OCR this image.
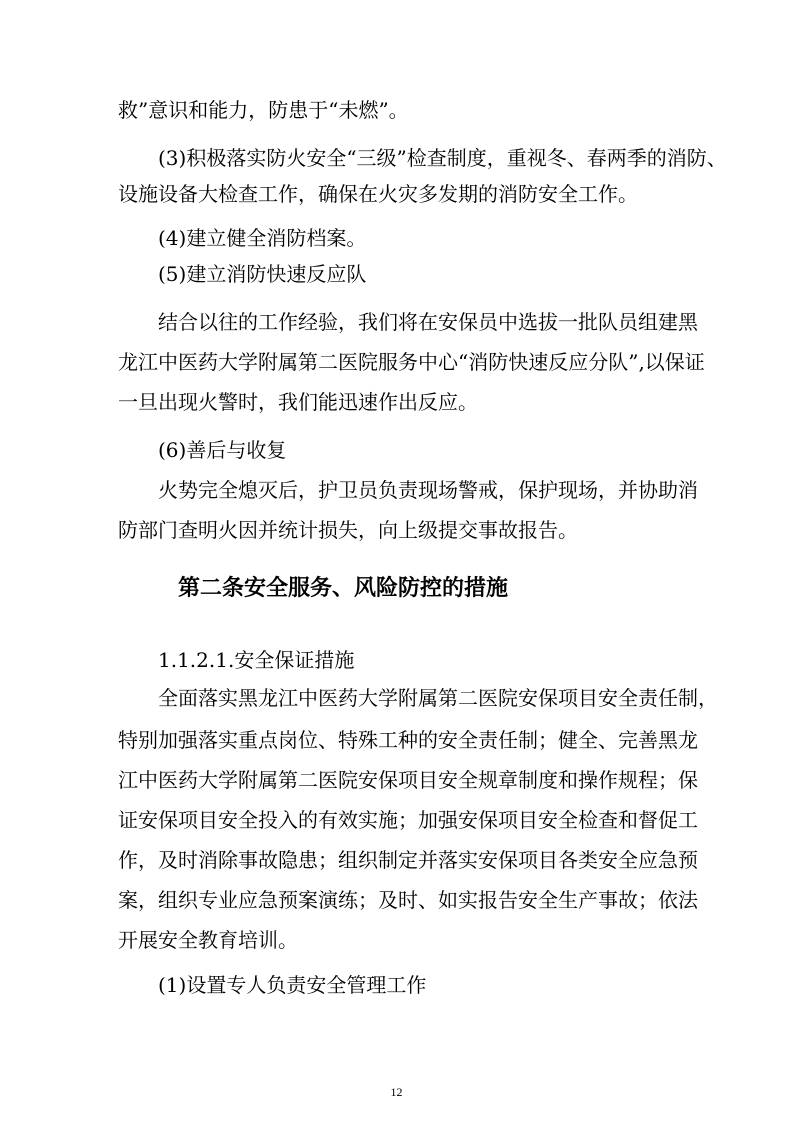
救”意识和能力，防患于“未燃”。
(3)积极落实防火安全“三级”检查制度，重视冬、春两季的消防、
设施设备大检查工作，确保在火灾多发期的消防安全工作。
(4)建立健全消防档案。
(5)建立消防快速反应队
结合以往的工作经验，我们将在安保员中选拔一批队员组建黑
龙江中医药大学附属第二医院服务中心“消防快速反应分队”,以保证
一旦出现火警时，我们能迅速作出反应。
(6)善后与收复
火势完全熄灭后，护卫员负责现场警戒，保护现场，并协助消
防部门查明火因并统计损失，向上级提交事故报告。
第二条安全服务、风险防控的措施
1.1.2.1.安全保证措施
全面落实黑龙江中医药大学附属第二医院安保项目安全责任制，
特别加强落实重点岗位、特殊工种的安全责任制；健全、完善黑龙
江中医药大学附属第二医院安保项目安全规章制度和操作规程；保
证安保项目安全投入的有效实施；加强安保项目安全检查和督促工
作，及时消除事故隐患；组织制定并落实安保项目各类安全应急预
案，组织专业应急预案演练；及时、如实报告安全生产事故；依法
开展安全教育培训。
(1)设置专人负责安全管理工作
12
